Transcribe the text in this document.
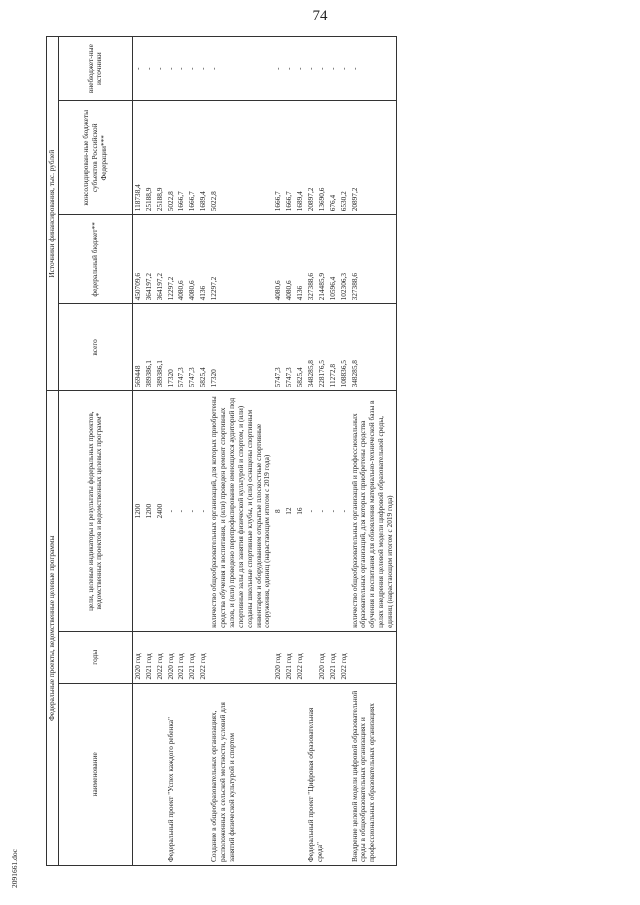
74
2091661.doc
Федеральные проекты, ведомственные целевые программы			Источники финансирования, тыс. рублей			
наименование	годы	цели, целевые индикаторы и результаты федеральных проектов, ведомственных проектов и ведомственных целевых программ*	всего	федеральный бюджет**	консолидирован-ные бюджеты субъектов Российской Федерации***	внебюджет-ные источники
	2020 год	1200	569448	450709,6	118738,4	-
	2021 год	1200	389386,1	364197,2	25188,9	-
	2022 год	2400	389386,1	364197,2	25188,9	-
Федеральный проект "Успех каждого ребенка"	2020 год	-	17320	12297,2	5022,8	-
	2021 год	-	5747,3	4080,6	1666,7	-
	2021 год	-	5747,3	4080,6	1666,7	-
	2022 год	-	5825,4	4136	1689,4	-
Создание в общеобразовательных организациях, расположенных в сельской местности, условий для занятий физической культурой и спортом		количество общеобразовательных организаций, для которых приобретены средства обучения и воспитания, и (или) проведен ремонт спортивных залов, и (или) проведено перепрофилирование имеющихся аудиторий под спортивные залы для занятия физической культурой и спортом, и (или) созданы школьные спортивные клубы, и (или) оснащены спортивным инвентарем и оборудованием открытые плоскостные спортивные сооружения, единиц (нарастающим итогом с 2019 года)	17320	12297,2	5022,8	-
	2020 год	8	5747,3	4080,6	1666,7	-
	2021 год	12	5747,3	4080,6	1666,7	-
	2022 год	16	5825,4	4136	1689,4	-
Федеральный проект "Цифровая образовательная среда"		-	348285,8	327388,6	20897,2	-
	2020 год	-	228176,5	214485,9	13690,6	-
	2021 год	-	11272,8	10596,4	676,4	-
	2022 год	-	108836,5	102306,3	6530,2	-
Внедрение целевой модели цифровой образовательной среды в общеобразовательных организациях и профессиональных образовательных организациях		количество общеобразовательных организаций и профессиональных образовательных организаций, для которых приобретены средства обучения и воспитания для обновления материально-технической базы в целях внедрения целевой модели цифровой образовательной среды, единиц (нарастающим итогом с 2019 года)	348285,8	327388,6	20897,2	-
